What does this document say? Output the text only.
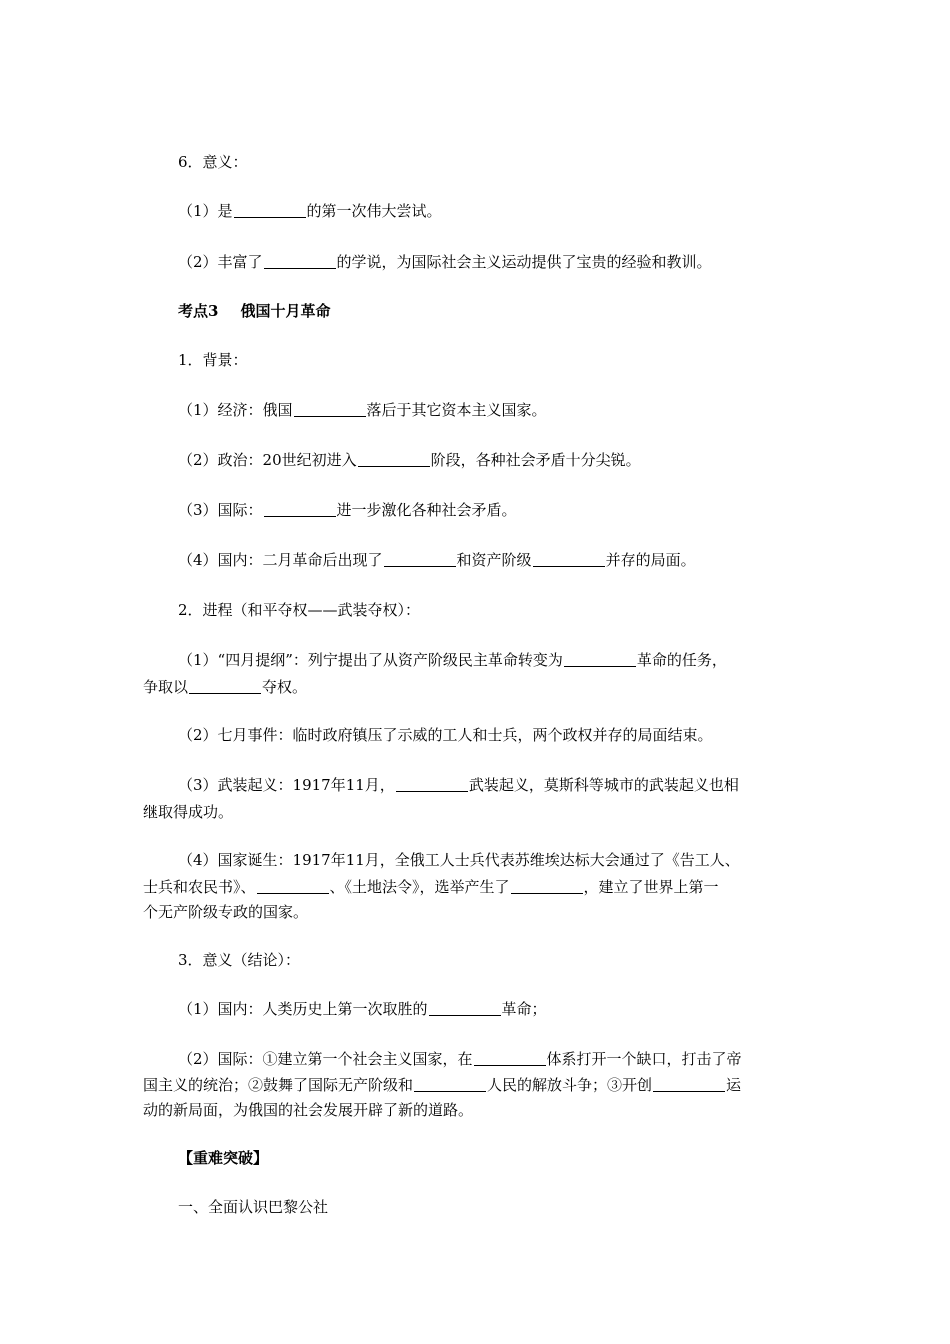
6．意义：
（1）是	的第一次伟大尝试。
（2）丰富了	的学说，为国际社会主义运动提供了宝贵的经验和教训。
考点3 俄国十月革命
1．背景：
（1）经济：俄国	落后于其它资本主义国家。
（2）政治：20世纪初进入	阶段，各种社会矛盾十分尖锐。
（3）国际：	进一步激化各种社会矛盾。
（4）国内：二月革命后出现了	和资产阶级	并存的局面。
2．进程（和平夺权——武装夺权）：
（1）“四月提纲”：列宁提出了从资产阶级民主革命转变为	革命的任务，
争取以	夺权。
（2）七月事件：临时政府镇压了示威的工人和士兵，两个政权并存的局面结束。
（3）武装起义：1917年11月，	武装起义，莫斯科等城市的武装起义也相
继取得成功。
（4）国家诞生：1917年11月，全俄工人士兵代表苏维埃达标大会通过了《告工人、
士兵和农民书》、	、《土地法令》，选举产生了	，建立了世界上第一
个无产阶级专政的国家。
3．意义（结论）：
（1）国内：人类历史上第一次取胜的	革命；
（2）国际：①建立第一个社会主义国家，在	体系打开一个缺口，打击了帝
国主义的统治；②鼓舞了国际无产阶级和	人民的解放斗争；③开创	运
动的新局面，为俄国的社会发展开辟了新的道路。
【重难突破】
一、全面认识巴黎公社
